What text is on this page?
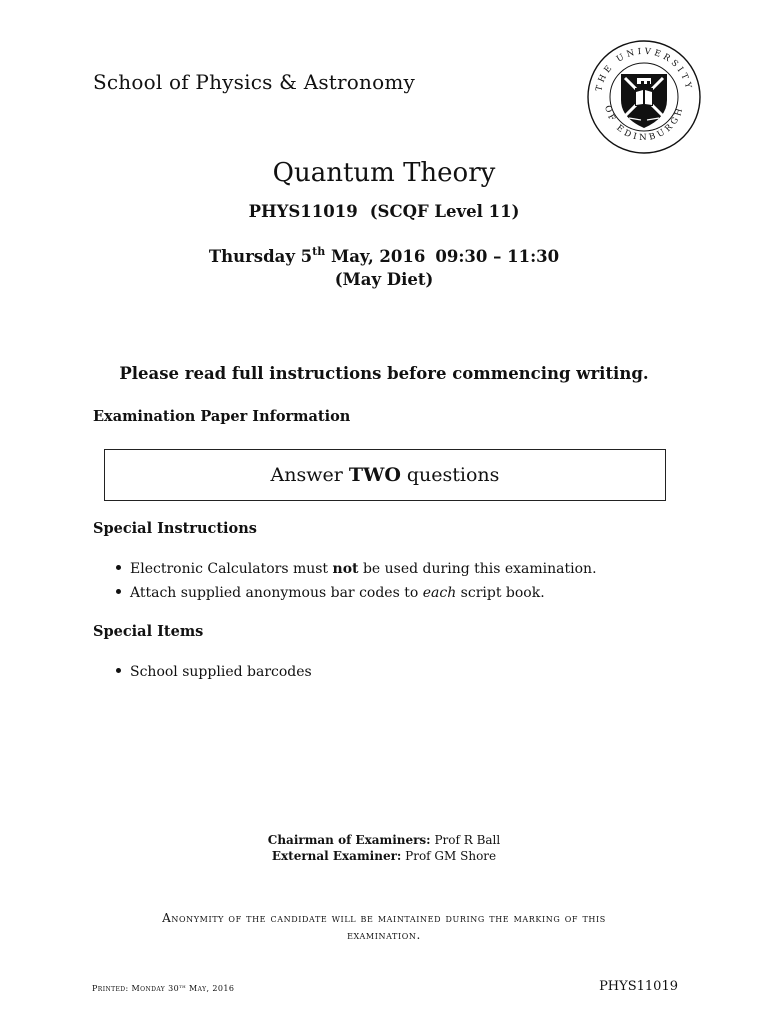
School of Physics & Astronomy	THE UNIVERSITY
OF EDINBURGH
Quantum Theory
PHYS11019 (SCQF Level 11)
Thursday 5th May, 2016 09:30 – 11:30
(May Diet)
Please read full instructions before commencing writing.
Examination Paper Information
Answer TWO questions
Special Instructions
Electronic Calculators must not be used during this examination.
Attach supplied anonymous bar codes to each script book.
Special Items
School supplied barcodes
Chairman of Examiners: Prof R Ball
External Examiner: Prof GM Shore
Anonymity of the candidate will be maintained during the marking of this
examination.
Printed: Monday 30th May, 2016	PHYS11019
